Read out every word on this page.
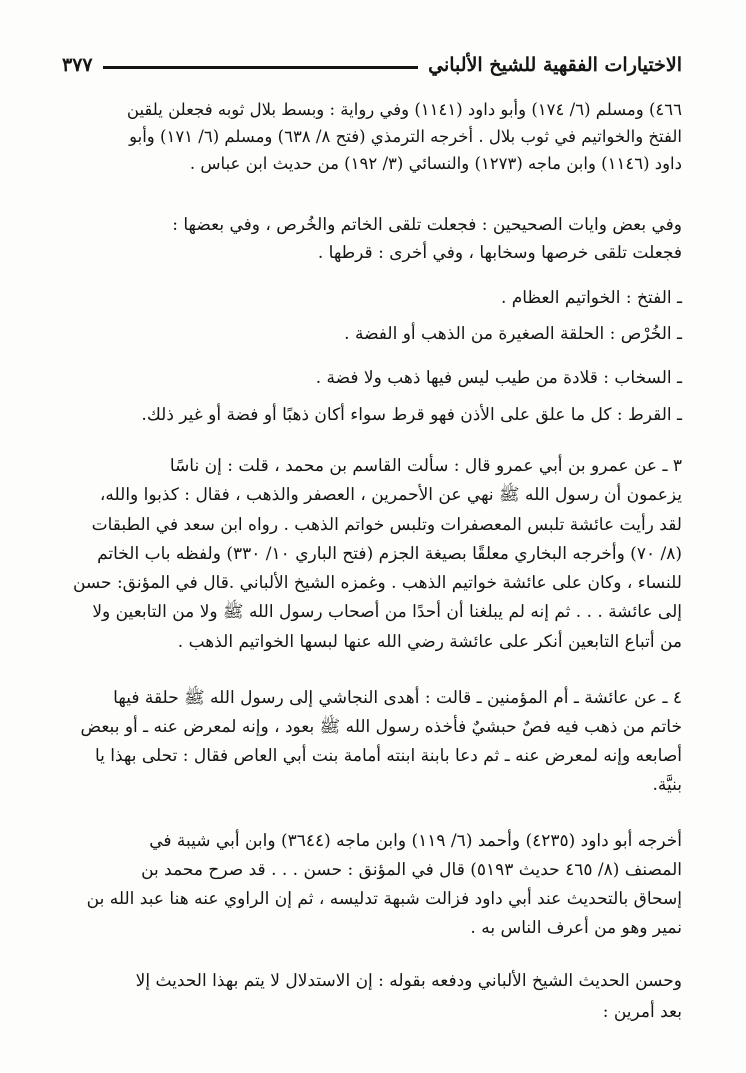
الاختيارات الفقهية للشيخ الألباني
٣٧٧
٤٦٦) ومسلم (٦/ ١٧٤) وأبو داود (١١٤١) وفي رواية : وبسط بلال ثوبه فجعلن يلقين
الفتخ والخواتيم في ثوب بلال . أخرجه الترمذي (فتح ٨/ ٦٣٨) ومسلم (٦/ ١٧١) وأبو
داود (١١٤٦) وابن ماجه (١٢٧٣) والنسائي (٣/ ١٩٢) من حديث ابن عباس .
وفي بعض وايات الصحيحين : فجعلت تلقى الخاتم والخُرص ، وفي بعضها :
فجعلت تلقى خرصها وسخابها ، وفي أخرى : قرطها .
ـ الفتخ : الخواتيم العظام .
ـ الخُرْص : الحلقة الصغيرة من الذهب أو الفضة .
ـ السخاب : قلادة من طيب ليس فيها ذهب ولا فضة .
ـ القرط : كل ما علق على الأذن فهو قرط سواء أكان ذهبًا أو فضة أو غير ذلك.
٣ ـ عن عمرو بن أبي عمرو قال : سألت القاسم بن محمد ، قلت : إن ناسًا
يزعمون أن رسول الله ﷺ نهي عن الأحمرين ، العصفر والذهب ، فقال : كذبوا والله،
لقد رأيت عائشة تلبس المعصفرات وتلبس خواتم الذهب . رواه ابن سعد في الطبقات
(٨/ ٧٠) وأخرجه البخاري معلقًا بصيغة الجزم (فتح الباري ١٠/ ٣٣٠) ولفظه باب الخاتم
للنساء ، وكان على عائشة خواتيم الذهب . وغمزه الشيخ الألباني .قال في المؤنق: حسن
إلى عائشة . . . ثم إنه لم يبلغنا أن أحدًا من أصحاب رسول الله ﷺ ولا من التابعين ولا
من أتباع التابعين أنكر على عائشة رضي الله عنها لبسها الخواتيم الذهب .
٤ ـ عن عائشة ـ أم المؤمنين ـ قالت : أهدى النجاشي إلى رسول الله ﷺ حلقة فيها
خاتم من ذهب فيه فصٌ حبشيٌ فأخذه رسول الله ﷺ بعود ، وإنه لمعرض عنه ـ أو ببعض
أصابعه وإنه لمعرض عنه ـ ثم دعا بابنة ابنته أمامة بنت أبي العاص فقال : تحلى بهذا يا
بنيَّة.
أخرجه أبو داود (٤٢٣٥) وأحمد (٦/ ١١٩) وابن ماجه (٣٦٤٤) وابن أبي شيبة في
المصنف (٨/ ٤٦٥ حديث ٥١٩٣) قال في المؤنق : حسن . . . قد صرح محمد بن
إسحاق بالتحديث عند أبي داود فزالت شبهة تدليسه ، ثم إن الراوي عنه هنا عبد الله بن
نمير وهو من أعرف الناس به .
وحسن الحديث الشيخ الألباني ودفعه بقوله : إن الاستدلال لا يتم بهذا الحديث إلا
بعد أمرين :
